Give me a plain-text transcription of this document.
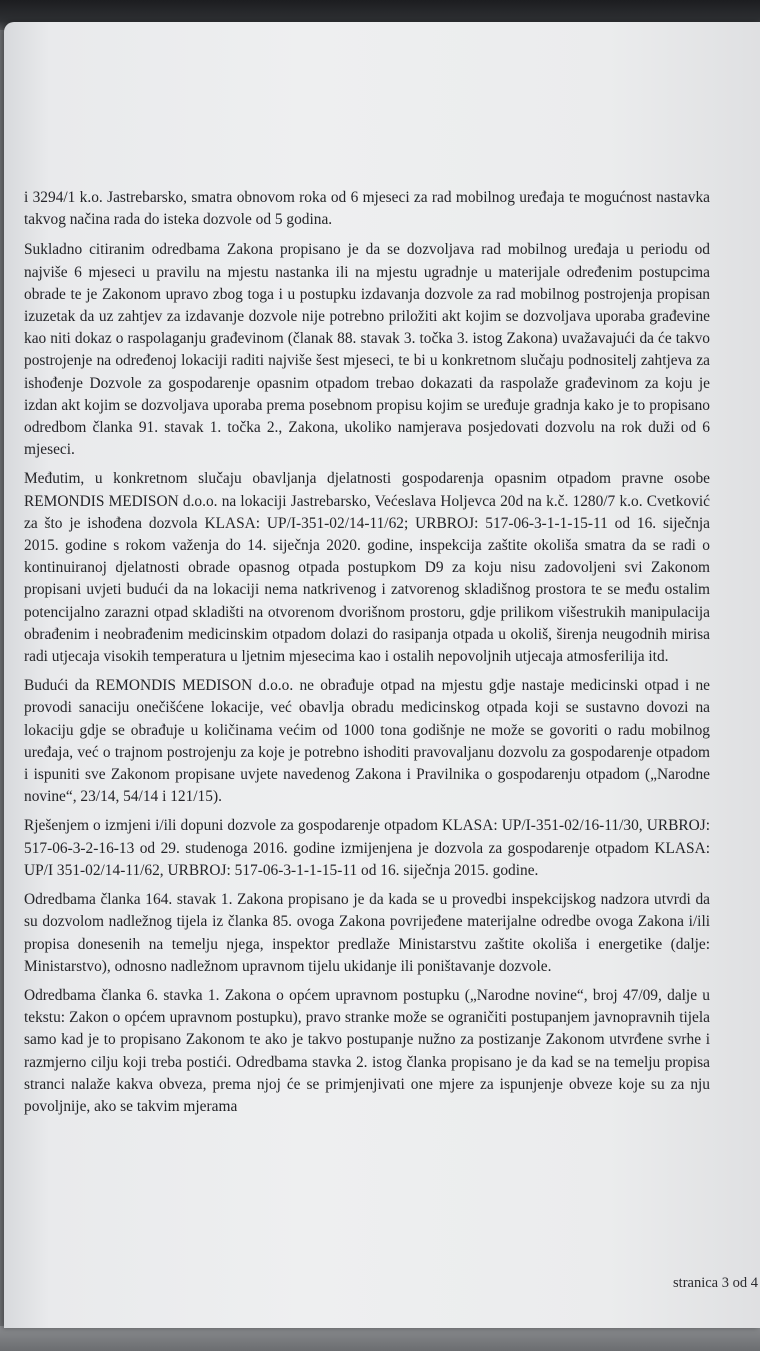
i 3294/1 k.o. Jastrebarsko, smatra obnovom roka od 6 mjeseci za rad mobilnog uređaja te mogućnost nastavka takvog načina rada do isteka dozvole od 5 godina.

Sukladno citiranim odredbama Zakona propisano je da se dozvoljava rad mobilnog uređaja u periodu od najviše 6 mjeseci u pravilu na mjestu nastanka ili na mjestu ugradnje u materijale određenim postupcima obrade te je Zakonom upravo zbog toga i u postupku izdavanja dozvole za rad mobilnog postrojenja propisan izuzetak da uz zahtjev za izdavanje dozvole nije potrebno priložiti akt kojim se dozvoljava uporaba građevine kao niti dokaz o raspolaganju građevinom (članak 88. stavak 3. točka 3. istog Zakona) uvažavajući da će takvo postrojenje na određenoj lokaciji raditi najviše šest mjeseci, te bi u konkretnom slučaju podnositelj zahtjeva za ishođenje Dozvole za gospodarenje opasnim otpadom trebao dokazati da raspolaže građevinom za koju je izdan akt kojim se dozvoljava uporaba prema posebnom propisu kojim se uređuje gradnja kako je to propisano odredbom članka 91. stavak 1. točka 2., Zakona, ukoliko namjerava posjedovati dozvolu na rok duži od 6 mjeseci.

Međutim, u konkretnom slučaju obavljanja djelatnosti gospodarenja opasnim otpadom pravne osobe REMONDIS MEDISON d.o.o. na lokaciji Jastrebarsko, Većeslava Holjevca 20d na k.č. 1280/7 k.o. Cvetković za što je ishođena dozvola KLASA: UP/I-351-02/14-11/62; URBROJ: 517-06-3-1-1-15-11 od 16. siječnja 2015. godine s rokom važenja do 14. siječnja 2020. godine, inspekcija zaštite okoliša smatra da se radi o kontinuiranoj djelatnosti obrade opasnog otpada postupkom D9 za koju nisu zadovoljeni svi Zakonom propisani uvjeti budući da na lokaciji nema natkrivenog i zatvorenog skladišnog prostora te se među ostalim potencijalno zarazni otpad skladišti na otvorenom dvorišnom prostoru, gdje prilikom višestrukih manipulacija obrađenim i neobrađenim medicinskim otpadom dolazi do rasipanja otpada u okoliš, širenja neugodnih mirisa radi utjecaja visokih temperatura u ljetnim mjesecima kao i ostalih nepovoljnih utjecaja atmosferilija itd.

Budući da REMONDIS MEDISON d.o.o. ne obrađuje otpad na mjestu gdje nastaje medicinski otpad i ne provodi sanaciju onečišćene lokacije, već obavlja obradu medicinskog otpada koji se sustavno dovozi na lokaciju gdje se obrađuje u količinama većim od 1000 tona godišnje ne može se govoriti o radu mobilnog uređaja, već o trajnom postrojenju za koje je potrebno ishoditi pravovaljanu dozvolu za gospodarenje otpadom i ispuniti sve Zakonom propisane uvjete navedenog Zakona i Pravilnika o gospodarenju otpadom („Narodne novine“, 23/14, 54/14 i 121/15).

Rješenjem o izmjeni i/ili dopuni dozvole za gospodarenje otpadom KLASA: UP/I-351-02/16-11/30, URBROJ: 517-06-3-2-16-13 od 29. studenoga 2016. godine izmijenjena je dozvola za gospodarenje otpadom KLASA: UP/I 351-02/14-11/62, URBROJ: 517-06-3-1-1-15-11 od 16. siječnja 2015. godine.

Odredbama članka 164. stavak 1. Zakona propisano je da kada se u provedbi inspekcijskog nadzora utvrdi da su dozvolom nadležnog tijela iz članka 85. ovoga Zakona povrijeđene materijalne odredbe ovoga Zakona i/ili propisa donesenih na temelju njega, inspektor predlaže Ministarstvu zaštite okoliša i energetike (dalje: Ministarstvo), odnosno nadležnom upravnom tijelu ukidanje ili poništavanje dozvole.

Odredbama članka 6. stavka 1. Zakona o općem upravnom postupku („Narodne novine“, broj 47/09, dalje u tekstu: Zakon o općem upravnom postupku), pravo stranke može se ograničiti postupanjem javnopravnih tijela samo kad je to propisano Zakonom te ako je takvo postupanje nužno za postizanje Zakonom utvrđene svrhe i razmjerno cilju koji treba postići. Odredbama stavka 2. istog članka propisano je da kad se na temelju propisa stranci nalaže kakva obveza, prema njoj će se primjenjivati one mjere za ispunjenje obveze koje su za nju povoljnije, ako se takvim mjerama

stranica 3 od 4
